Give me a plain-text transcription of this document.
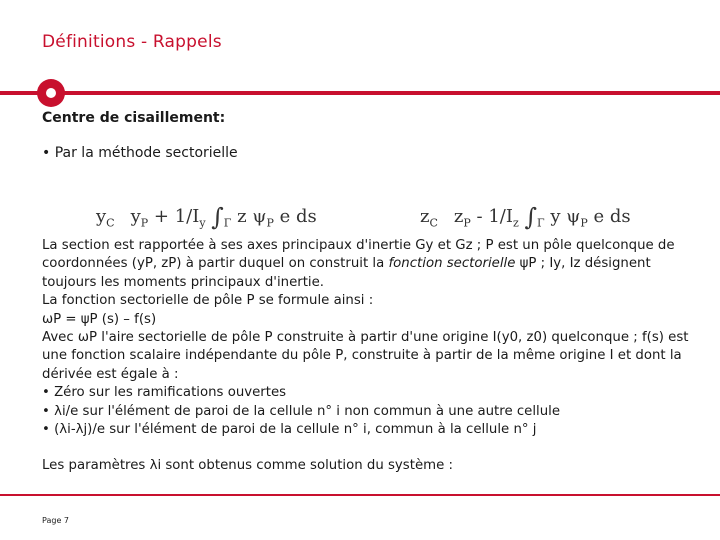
Définitions - Rappels
Centre de cisaillement:
• Par la méthode sectorielle
$y_C$ $y_P + 1/I_y$ $\int_\Gamma$ z $\psi_P$ e ds	$z_C$ $z_P - 1/I_z$ $\int_\Gamma$ y $\psi_P$ e ds

La section est rapportée à ses axes principaux d'inertie Gy et Gz ; P est un pôle quelconque de coordonnées (yP, zP) à partir duquel on construit la fonction sectorielle ψP ; Iy, Iz désignent toujours les moments principaux d'inertie.

La fonction sectorielle de pôle P se formule ainsi :

ωP = ψP (s) – f(s)

Avec ωP l'aire sectorielle de pôle P construite à partir d'une origine I(y0, z0) quelconque ; f(s) est une fonction scalaire indépendante du pôle P, construite à partir de la même origine I et dont la dérivée est égale à :

• Zéro sur les ramifications ouvertes

• λi/e sur l'élément de paroi de la cellule n° i non commun à une autre cellule

• (λi-λj)/e sur l'élément de paroi de la cellule n° i, commun à la cellule n° j

Les paramètres λi sont obtenus comme solution du système :
Page 7
